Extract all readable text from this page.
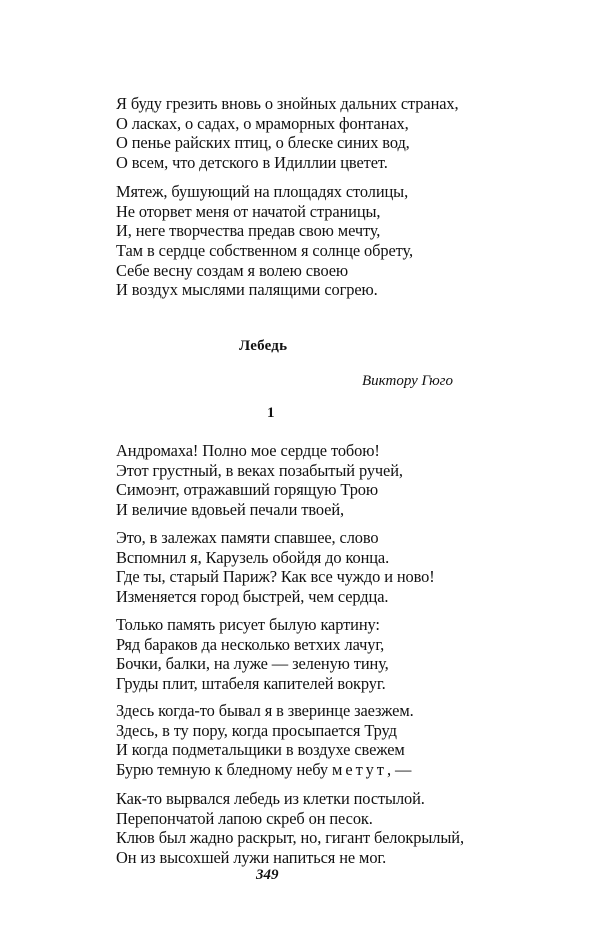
Я буду грезить вновь о знойных дальних странах,
О ласках, о садах, о мраморных фонтанах,
О пенье райских птиц, о блеске синих вод,
О всем, что детского в Идиллии цветет.
Мятеж, бушующий на площадях столицы,
Не оторвет меня от начатой страницы,
И, неге творчества предав свою мечту,
Там в сердце собственном я солнце обрету,
Себе весну создам я волею своею
И воздух мыслями палящими согрею.
Лебедь
Виктору Гюго
1
Андромаха! Полно мое сердце тобою!
Этот грустный, в веках позабытый ручей,
Симоэнт, отражавший горящую Трою
И величие вдовьей печали твоей,
Это, в залежах памяти спавшее, слово
Вспомнил я, Карузель обойдя до конца.
Где ты, старый Париж? Как все чуждо и ново!
Изменяется город быстрей, чем сердца.
Только память рисует былую картину:
Ряд бараков да несколько ветхих лачуг,
Бочки, балки, на луже — зеленую тину,
Груды плит, штабеля капителей вокруг.
Здесь когда-то бывал я в зверинце заезжем.
Здесь, в ту пору, когда просыпается Труд
И когда подметальщики в воздухе свежем
Бурю темную к бледному небу метут, —
Как-то вырвался лебедь из клетки постылой.
Перепончатой лапою скреб он песок.
Клюв был жадно раскрыт, но, гигант белокрылый,
Он из высохшей лужи напиться не мог.
349
